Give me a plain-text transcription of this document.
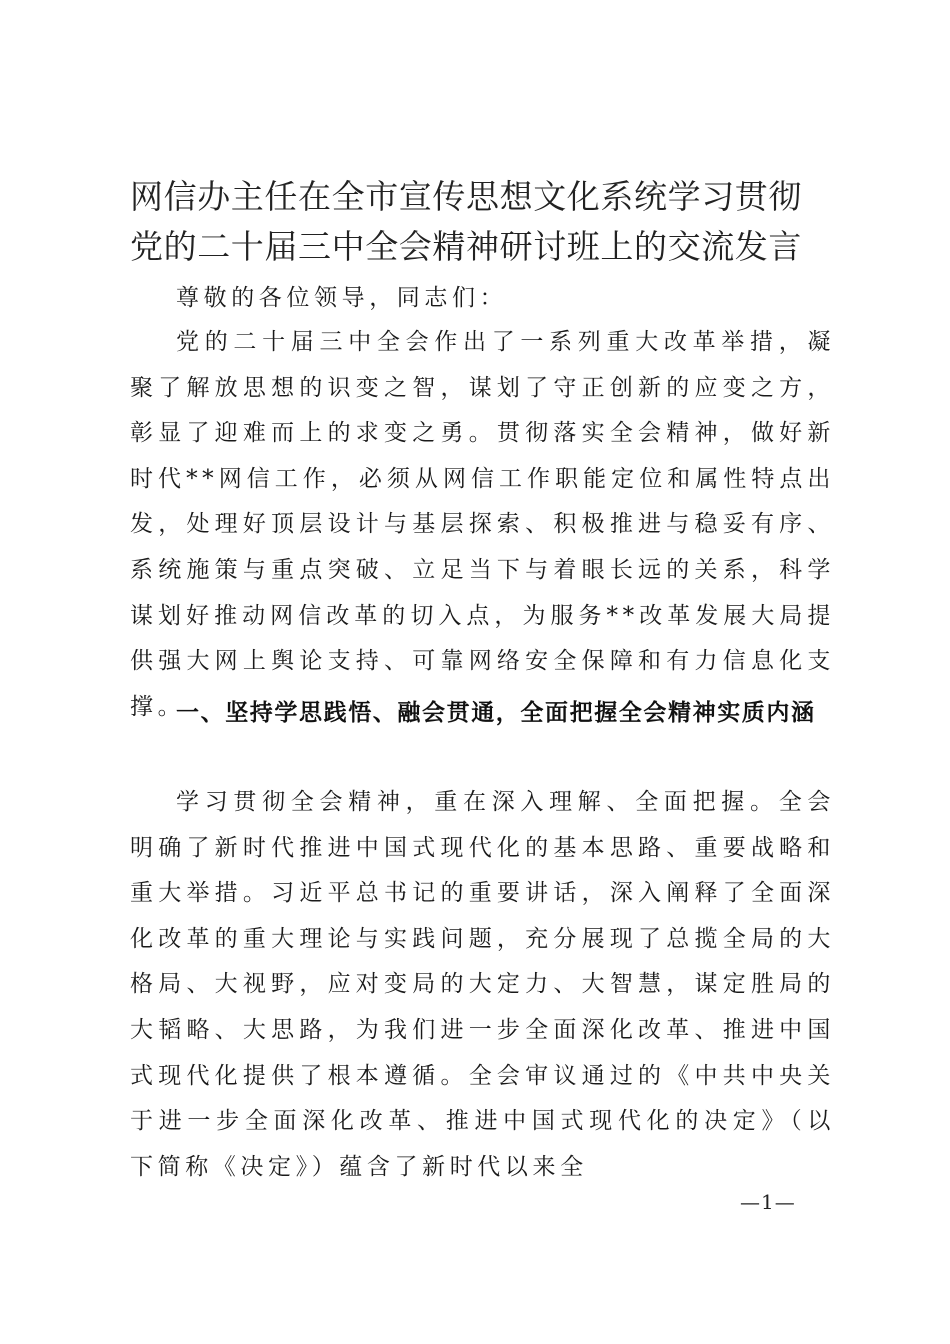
网信办主任在全市宣传思想文化系统学习贯彻党的二十届三中全会精神研讨班上的交流发言

尊敬的各位领导，同志们：

党的二十届三中全会作出了一系列重大改革举措，凝聚了解放思想的识变之智，谋划了守正创新的应变之方，彰显了迎难而上的求变之勇。贯彻落实全会精神，做好新时代**网信工作，必须从网信工作职能定位和属性特点出发，处理好顶层设计与基层探索、积极推进与稳妥有序、系统施策与重点突破、立足当下与着眼长远的关系，科学谋划好推动网信改革的切入点，为服务**改革发展大局提供强大网上舆论支持、可靠网络安全保障和有力信息化支撑。

一、坚持学思践悟、融会贯通，全面把握全会精神实质内涵

学习贯彻全会精神，重在深入理解、全面把握。全会明确了新时代推进中国式现代化的基本思路、重要战略和重大举措。习近平总书记的重要讲话，深入阐释了全面深化改革的重大理论与实践问题，充分展现了总揽全局的大格局、大视野，应对变局的大定力、大智慧，谋定胜局的大韬略、大思路，为我们进一步全面深化改革、推进中国式现代化提供了根本遵循。全会审议通过的《中共中央关于进一步全面深化改革、推进中国式现代化的决定》（以下简称《决定》）蕴含了新时代以来全

—1—
